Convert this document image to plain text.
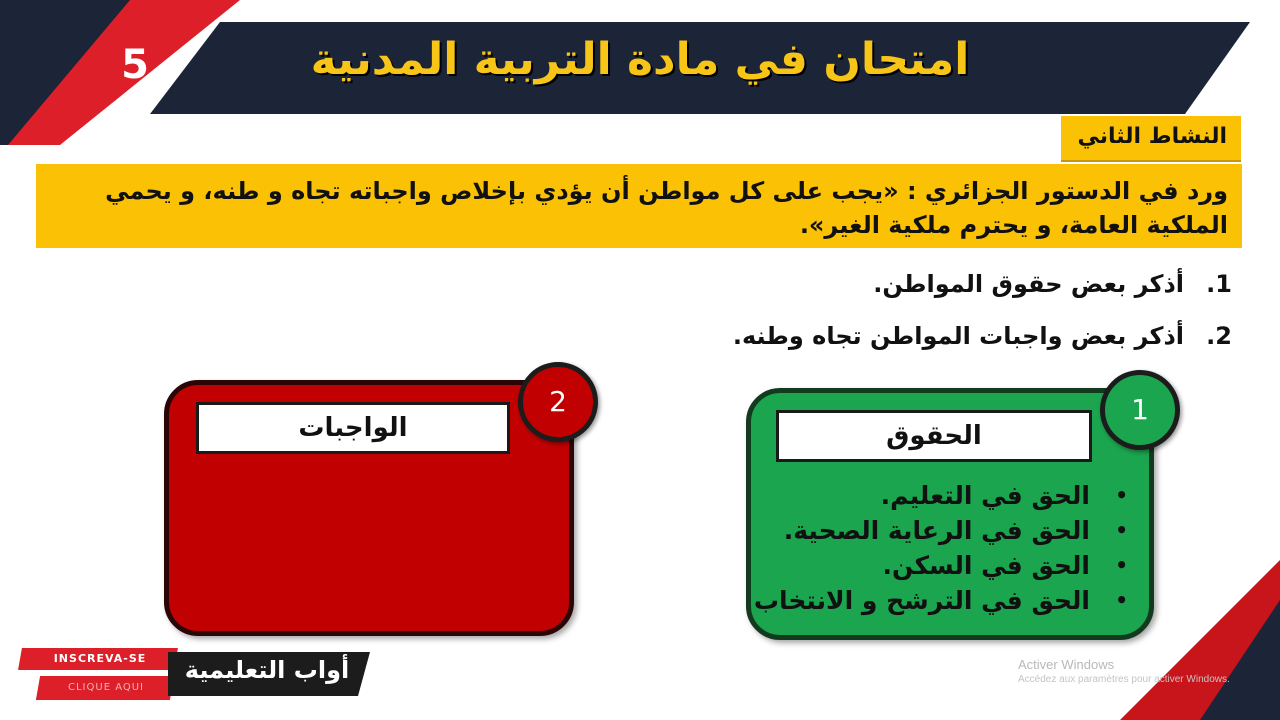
5	امتحان في مادة التربية المدنية
النشاط الثاني
ورد في الدستور الجزائري : «يجب على كل مواطن أن يؤدي بإخلاص واجباته تجاه و طنه، و يحمي الملكية العامة، و يحترم ملكية الغير».
1.أذكر بعض حقوق المواطن.
2.أذكر بعض واجبات المواطن تجاه وطنه.
الواجبات
2
الحقوق
1
• الحق في التعليم.
• الحق في الرعاية الصحية.
• الحق في السكن.
• الحق في الترشح و الانتخاب
INSCREVA-SE
CLIQUE AQUI
أواب التعليمية	Activer Windows
Accédez aux paramètres pour activer Windows.
